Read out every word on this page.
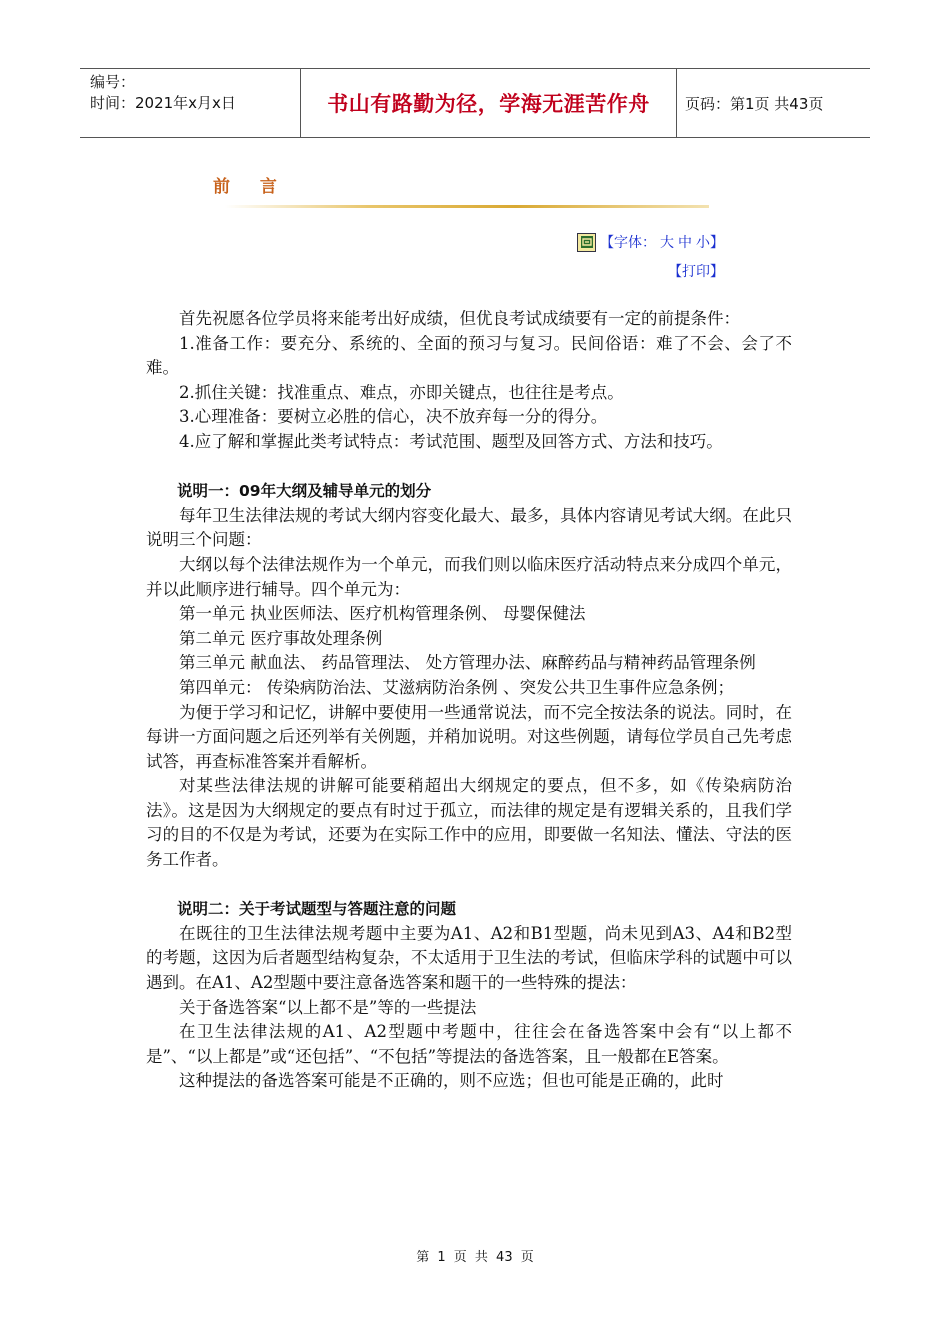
编号：
时间：2021年x月x日	书山有路勤为径，学海无涯苦作舟	页码：第1页 共43页
前 言
【字体： 大 中 小 】
【打印】

首先祝愿各位学员将来能考出好成绩，但优良考试成绩要有一定的前提条件：

1.准备工作：要充分、系统的、全面的预习与复习。民间俗语：难了不会、会了不难。

2.抓住关键：找准重点、难点，亦即关键点，也往往是考点。

3.心理准备：要树立必胜的信心，决不放弃每一分的得分。

4.应了解和掌握此类考试特点：考试范围、题型及回答方式、方法和技巧。

说明一：09年大纲及辅导单元的划分

每年卫生法律法规的考试大纲内容变化最大、最多，具体内容请见考试大纲。在此只说明三个问题：

大纲以每个法律法规作为一个单元，而我们则以临床医疗活动特点来分成四个单元，并以此顺序进行辅导。四个单元为：

第一单元 执业医师法、医疗机构管理条例、 母婴保健法

第二单元 医疗事故处理条例

第三单元 献血法、 药品管理法、 处方管理办法、麻醉药品与精神药品管理条例

第四单元： 传染病防治法、艾滋病防治条例 、突发公共卫生事件应急条例；

为便于学习和记忆，讲解中要使用一些通常说法，而不完全按法条的说法。同时，在每讲一方面问题之后还列举有关例题，并稍加说明。对这些例题，请每位学员自己先考虑试答，再查标准答案并看解析。

对某些法律法规的讲解可能要稍超出大纲规定的要点，但不多，如《传染病防治法》。这是因为大纲规定的要点有时过于孤立，而法律的规定是有逻辑关系的，且我们学习的目的不仅是为考试，还要为在实际工作中的应用，即要做一名知法、懂法、守法的医务工作者。

说明二：关于考试题型与答题注意的问题

在既往的卫生法律法规考题中主要为A1、A2和B1型题，尚未见到A3、A4和B2型的考题，这因为后者题型结构复杂，不太适用于卫生法的考试，但临床学科的试题中可以遇到。在A1、A2型题中要注意备选答案和题干的一些特殊的提法：

关于备选答案“以上都不是”等的一些提法

在卫生法律法规的A1、A2型题中考题中，往往会在备选答案中会有“以上都不是”、“以上都是”或“还包括”、“不包括”等提法的备选答案，且一般都在E答案。

这种提法的备选答案可能是不正确的，则不应选；但也可能是正确的，此时

第 1 页 共 43 页
